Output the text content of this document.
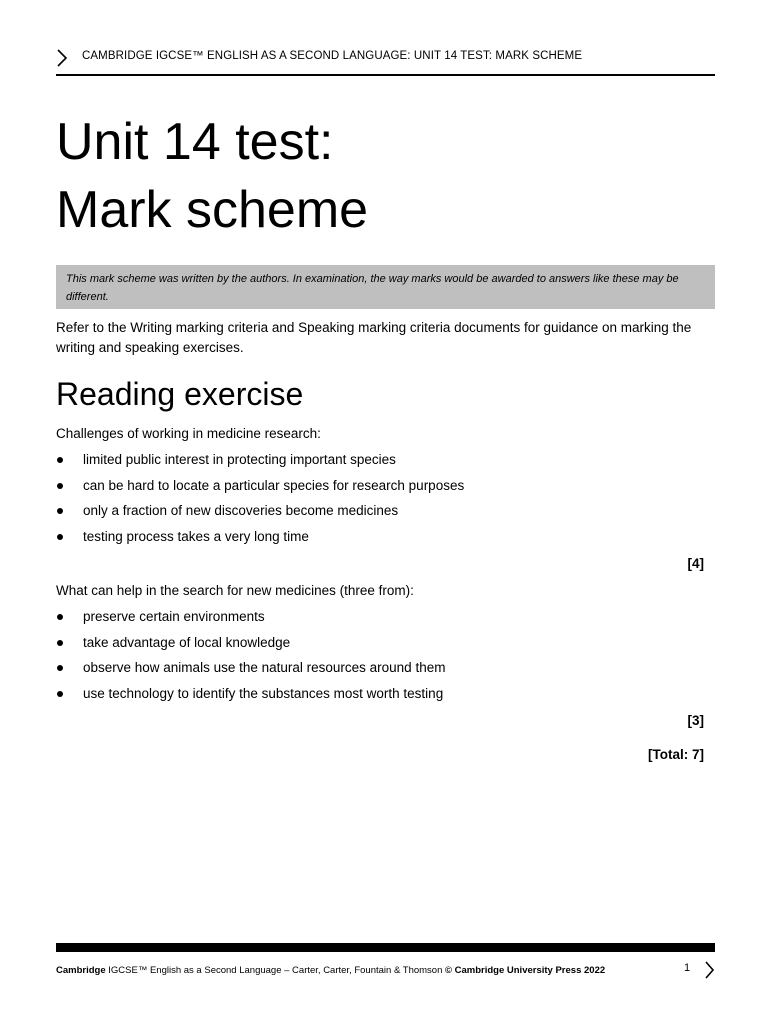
CAMBRIDGE IGCSE™ ENGLISH AS A SECOND LANGUAGE: UNIT 14 TEST: MARK SCHEME
Unit 14 test:
Mark scheme
This mark scheme was written by the authors. In examination, the way marks would be awarded to answers like these may be different.
Refer to the Writing marking criteria and Speaking marking criteria documents for guidance on marking the writing and speaking exercises.
Reading exercise
Challenges of working in medicine research:
limited public interest in protecting important species
can be hard to locate a particular species for research purposes
only a fraction of new discoveries become medicines
testing process takes a very long time
[4]
What can help in the search for new medicines (three from):
preserve certain environments
take advantage of local knowledge
observe how animals use the natural resources around them
use technology to identify the substances most worth testing
[3]
[Total: 7]
Cambridge IGCSE™ English as a Second Language – Carter, Carter, Fountain & Thomson © Cambridge University Press 2022	1
